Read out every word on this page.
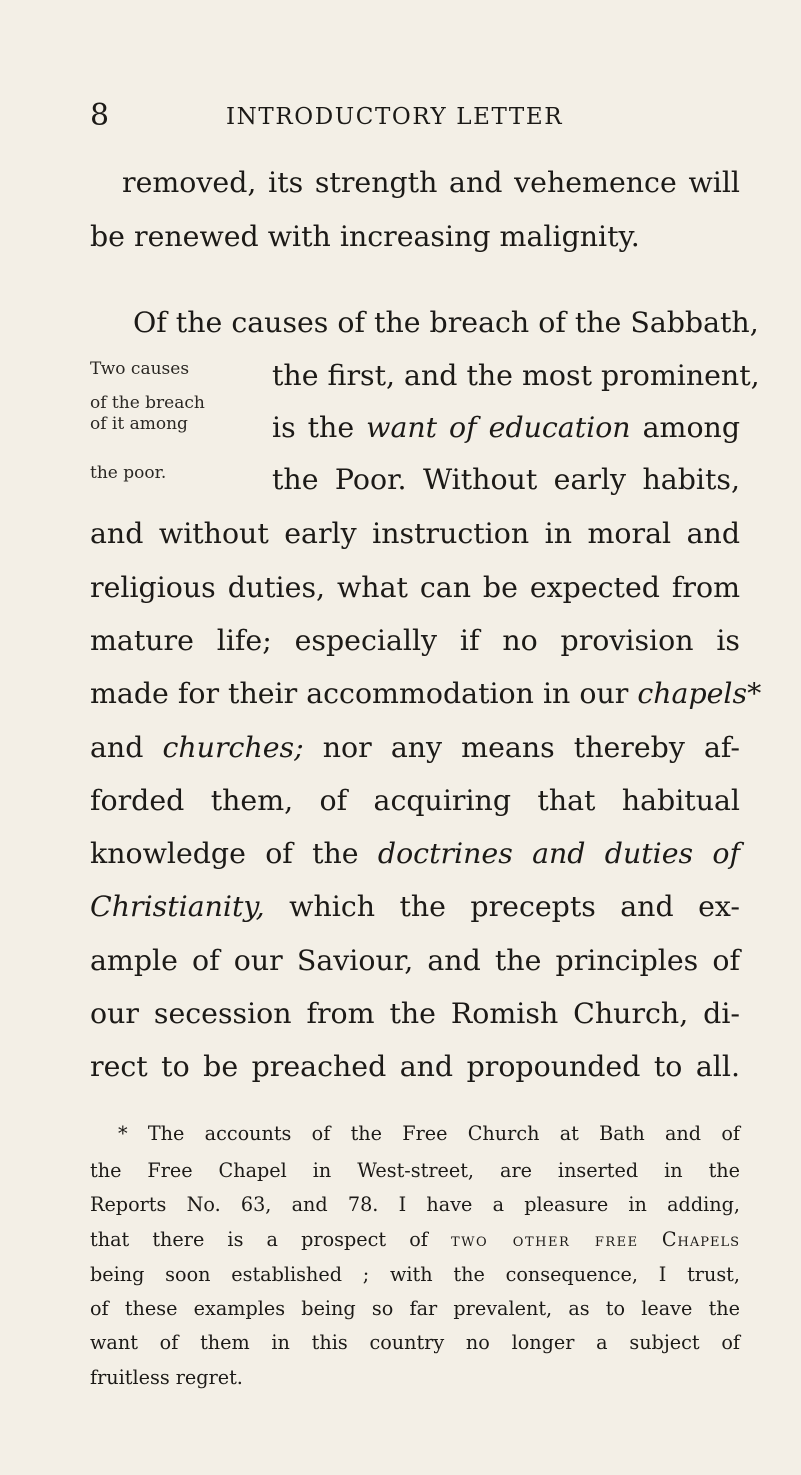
8	INTRODUCTORY LETTER
removed, its strength and vehemence will
be renewed with increasing malignity.
Of the causes of the breach of the Sabbath,
the first, and the most prominent,
is the want of education among
the Poor. Without early habits,
Two causes
of the breach
of it among
the poor.
and without early instruction in moral and
religious duties, what can be expected from
mature life; especially if no provision is
made for their accommodation in our chapels*
and churches; nor any means thereby af-
forded them, of acquiring that habitual
knowledge of the doctrines and duties of
Christianity, which the precepts and ex-
ample of our Saviour, and the principles of
our secession from the Romish Church, di-
rect to be preached and propounded to all.
* The accounts of the Free Church at Bath and of
the Free Chapel in West-street, are inserted in the
Reports No. 63, and 78. I have a pleasure in adding,
that there is a prospect of two other free Chapels
being soon established ; with the consequence, I trust,
of these examples being so far prevalent, as to leave the
want of them in this country no longer a subject of
fruitless regret.
